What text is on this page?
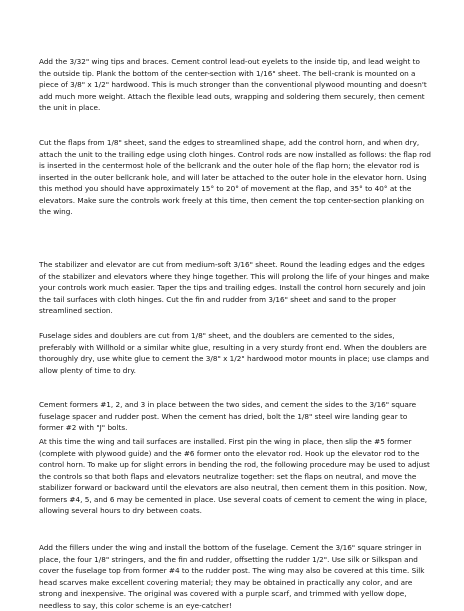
Add the 3/32" wing tips and braces. Cement control lead-out eyelets to the inside tip, and lead weight to the outside tip. Plank the bottom of the center-section with 1/16" sheet. The bell-crank is mounted on a piece of 3/8" x 1/2" hardwood. This is much stronger than the conventional plywood mounting and doesn't add much more weight. Attach the flexible lead outs, wrapping and soldering them securely, then cement the unit in place.

Cut the flaps from 1/8" sheet, sand the edges to streamlined shape, add the control horn, and when dry, attach the unit to the trailing edge using cloth hinges. Control rods are now installed as follows: the flap rod is inserted in the centermost hole of the bellcrank and the outer hole of the flap horn; the elevator rod is inserted in the outer bellcrank hole, and will later be attached to the outer hole in the elevator horn. Using this method you should have approximately 15° to 20° of movement at the flap, and 35° to 40° at the elevators. Make sure the controls work freely at this time, then cement the top center-section planking on the wing.

The stabilizer and elevator are cut from medium-soft 3/16" sheet. Round the leading edges and the edges of the stabilizer and elevators where they hinge together. This will prolong the life of your hinges and make your controls work much easier. Taper the tips and trailing edges. Install the control horn securely and join the tail surfaces with cloth hinges. Cut the fin and rudder from 3/16" sheet and sand to the proper streamlined section.

Fuselage sides and doublers are cut from 1/8" sheet, and the doublers are cemented to the sides, preferably with Willhold or a similar white glue, resulting in a very sturdy front end. When the doublers are thoroughly dry, use white glue to cement the 3/8" x 1/2" hardwood motor mounts in place; use clamps and allow plenty of time to dry.

Cement formers #1, 2, and 3 in place between the two sides, and cement the sides to the 3/16" square fuselage spacer and rudder post. When the cement has dried, bolt the 1/8" steel wire landing gear to former #2 with "J" bolts.

At this time the wing and tail surfaces are installed. First pin the wing in place, then slip the #5 former (complete with plywood guide) and the #6 former onto the elevator rod. Hook up the elevator rod to the control horn. To make up for slight errors in bending the rod, the following procedure may be used to adjust the controls so that both flaps and elevators neutralize together: set the flaps on neutral, and move the stabilizer forward or backward until the elevators are also neutral, then cement them in this position. Now, formers #4, 5, and 6 may be cemented in place. Use several coats of cement to cement the wing in place, allowing several hours to dry between coats.

Add the fillers under the wing and install the bottom of the fuselage. Cement the 3/16" square stringer in place, the four 1/8" stringers, and the fin and rudder, offsetting the rudder 1/2". Use silk or Silkspan and cover the fuselage top from former #4 to the rudder post. The wing may also be covered at this time. Silk head scarves make excellent covering material; they may be obtained in practically any color, and are strong and inexpensive. The original was covered with a purple scarf, and trimmed with yellow dope, needless to say, this color scheme is an eye-catcher!
